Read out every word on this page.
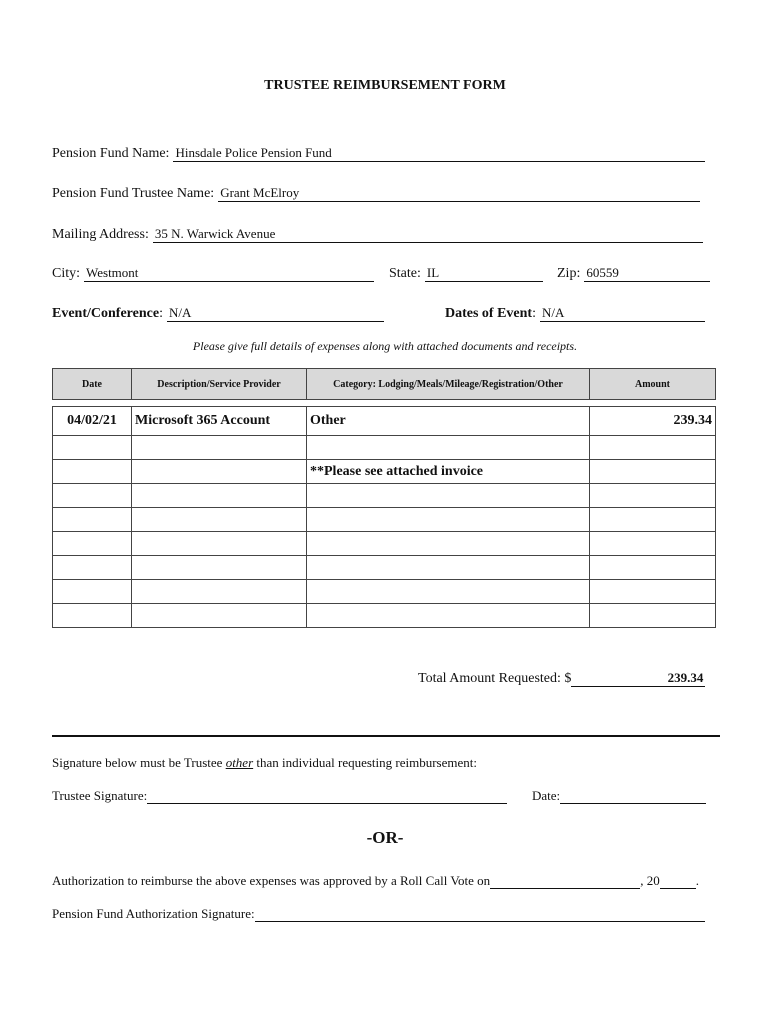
TRUSTEE REIMBURSEMENT FORM
Pension Fund Name: Hinsdale Police Pension Fund
Pension Fund Trustee Name: Grant McElroy
Mailing Address: 35 N. Warwick Avenue
City: Westmont	State: IL	Zip: 60559
Event/Conference : N/A	Dates of Event : N/A
Please give full details of expenses along with attached documents and receipts.
Date	Description/Service Provider	Category: Lodging/Meals/Mileage/Registration/Other	Amount

04/02/21	Microsoft 365 Account	Other	239.34

		**Please see attached invoice	

Total Amount Requested: $	239.34
Signature below must be Trustee other than individual requesting reimbursement:
Trustee Signature:	Date:
-OR-
Authorization to reimburse the above expenses was approved by a Roll Call Vote on	, 20	.
Pension Fund Authorization Signature:
